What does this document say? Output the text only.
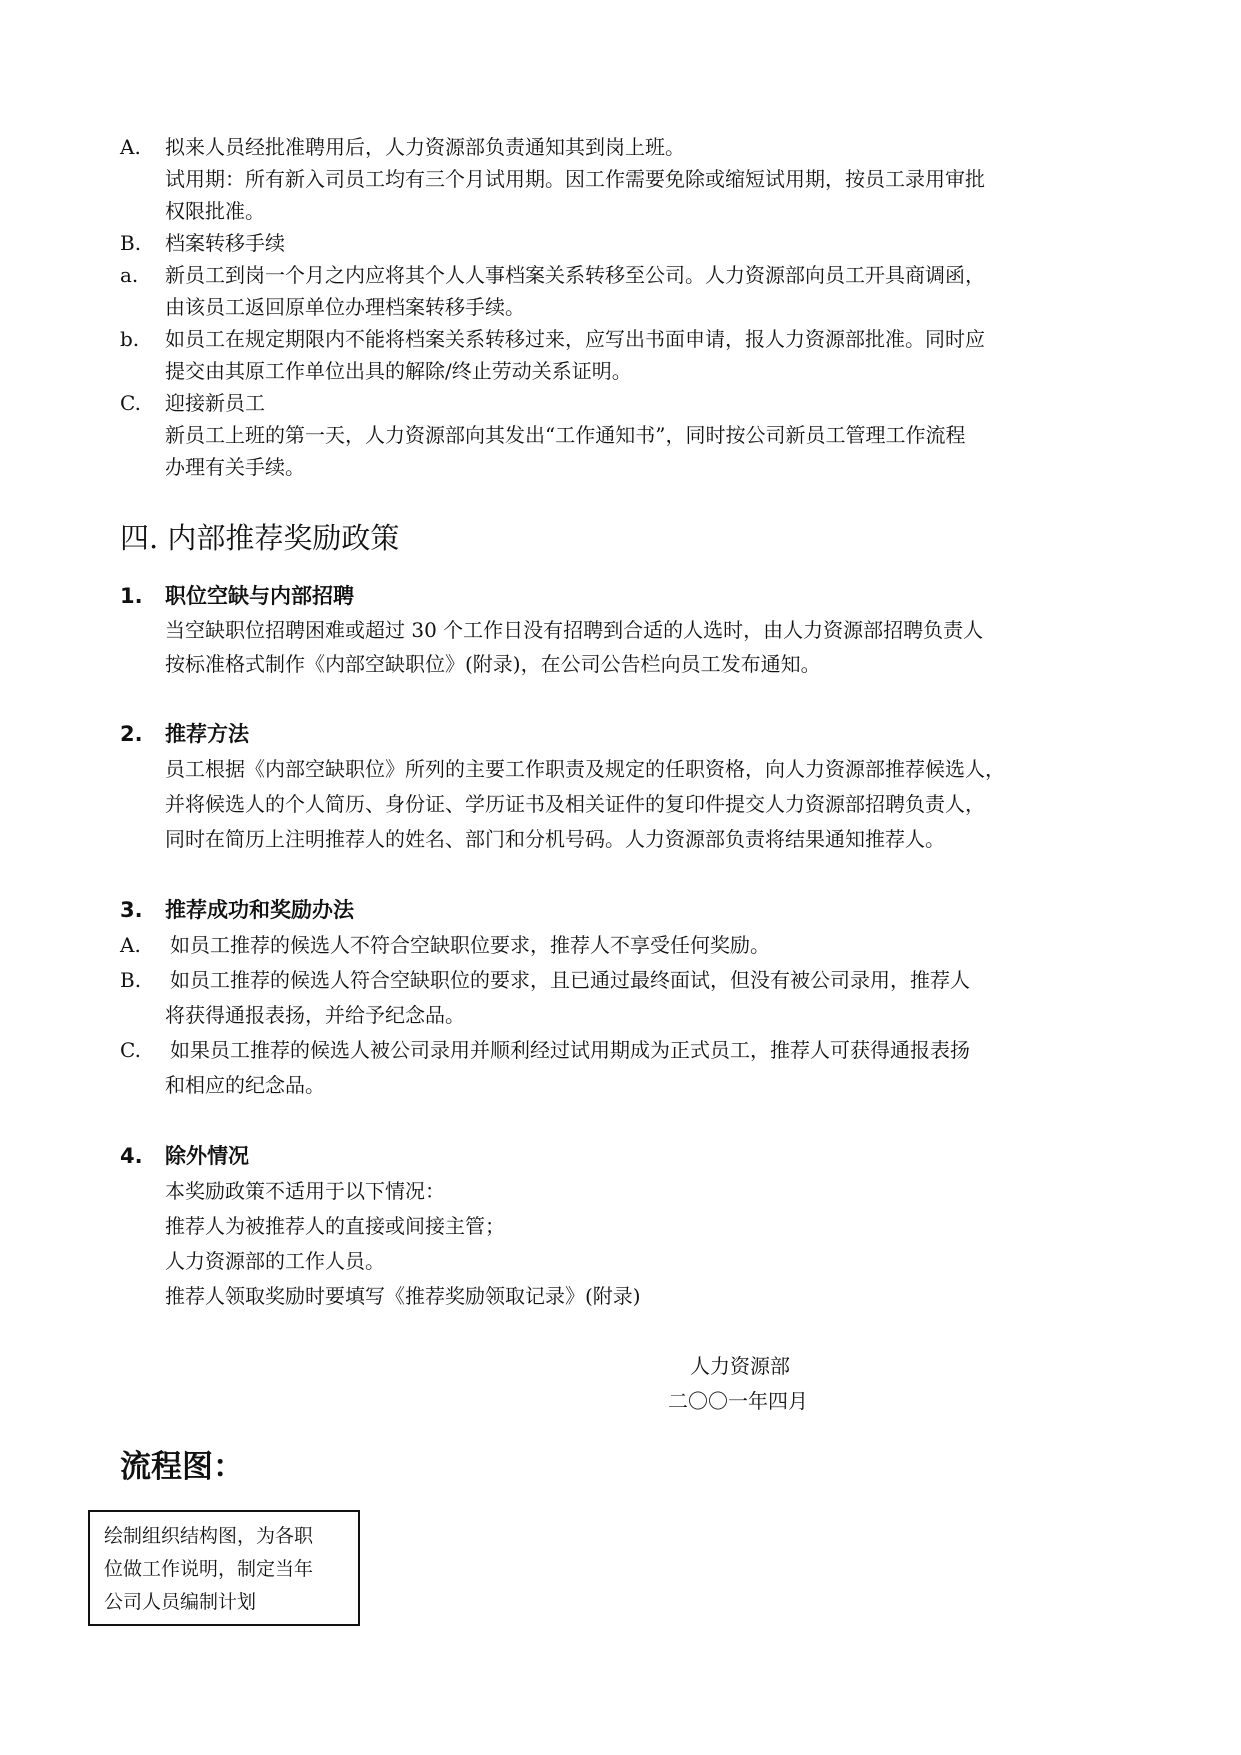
A. 拟来人员经批准聘用后，人力资源部负责通知其到岗上班。
试用期：所有新入司员工均有三个月试用期。因工作需要免除或缩短试用期，按员工录用审批
权限批准。
B. 档案转移手续
a. 新员工到岗一个月之内应将其个人人事档案关系转移至公司。人力资源部向员工开具商调函，
由该员工返回原单位办理档案转移手续。
b. 如员工在规定期限内不能将档案关系转移过来，应写出书面申请，报人力资源部批准。同时应
提交由其原工作单位出具的解除/终止劳动关系证明。
C. 迎接新员工
新员工上班的第一天，人力资源部向其发出“工作通知书”，同时按公司新员工管理工作流程
办理有关手续。
四. 内部推荐奖励政策
1. 职位空缺与内部招聘
当空缺职位招聘困难或超过 30 个工作日没有招聘到合适的人选时，由人力资源部招聘负责人
按标准格式制作《内部空缺职位》(附录)，在公司公告栏向员工发布通知。
2. 推荐方法
员工根据《内部空缺职位》所列的主要工作职责及规定的任职资格，向人力资源部推荐候选人，
并将候选人的个人简历、身份证、学历证书及相关证件的复印件提交人力资源部招聘负责人，
同时在简历上注明推荐人的姓名、部门和分机号码。人力资源部负责将结果通知推荐人。
3. 推荐成功和奖励办法
A. 如员工推荐的候选人不符合空缺职位要求，推荐人不享受任何奖励。
B. 如员工推荐的候选人符合空缺职位的要求，且已通过最终面试，但没有被公司录用，推荐人
将获得通报表扬，并给予纪念品。
C. 如果员工推荐的候选人被公司录用并顺利经过试用期成为正式员工，推荐人可获得通报表扬
和相应的纪念品。
4. 除外情况
本奖励政策不适用于以下情况：
推荐人为被推荐人的直接或间接主管；
人力资源部的工作人员。
推荐人领取奖励时要填写《推荐奖励领取记录》(附录)
人力资源部
二〇〇一年四月
流程图：
绘制组织结构图，为各职
位做工作说明，制定当年
公司人员编制计划
